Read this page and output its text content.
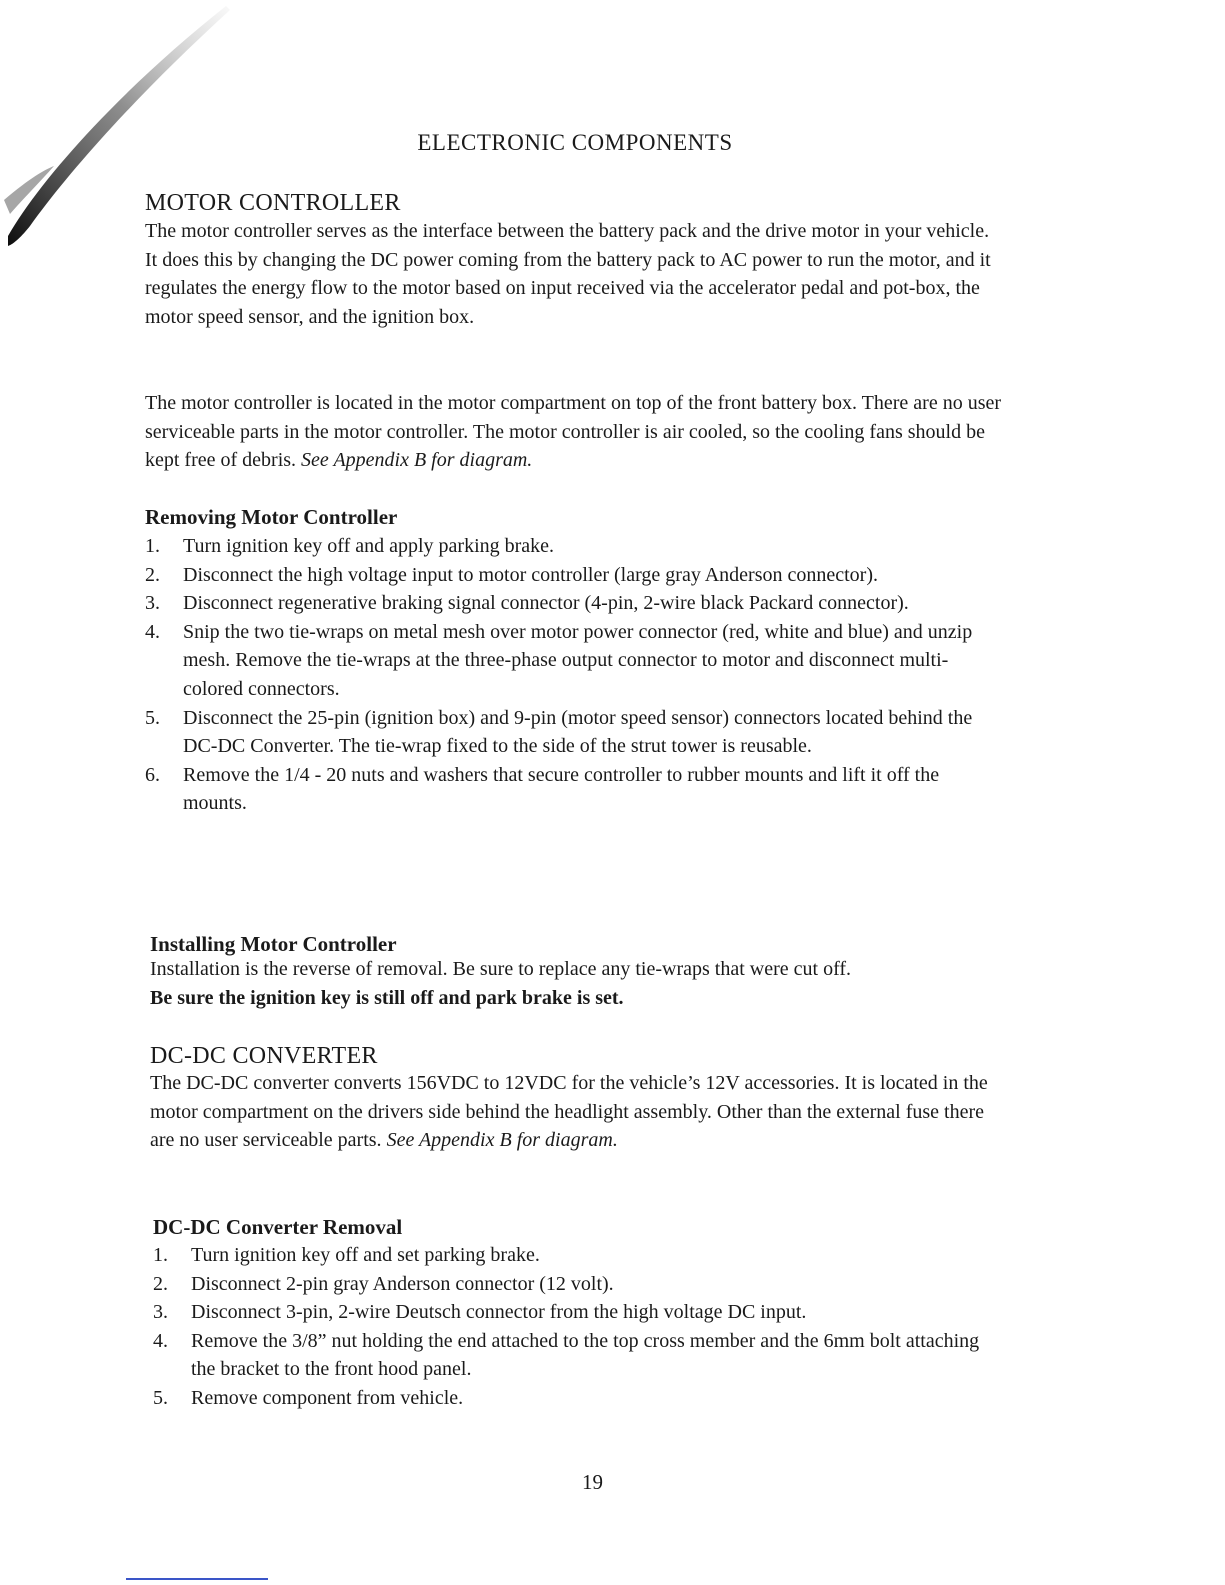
ELECTRONIC COMPONENTS
MOTOR CONTROLLER

The motor controller serves as the interface between the battery pack and the drive motor in your vehicle. It does this by changing the DC power coming from the battery pack to AC power to run the motor, and it regulates the energy flow to the motor based on input received via the accelerator pedal and pot-box, the motor speed sensor, and the ignition box.

The motor controller is located in the motor compartment on top of the front battery box. There are no user serviceable parts in the motor controller. The motor controller is air cooled, so the cooling fans should be kept free of debris. See Appendix B for diagram.

Removing Motor Controller
1. Turn ignition key off and apply parking brake.
2. Disconnect the high voltage input to motor controller (large gray Anderson connector).
3. Disconnect regenerative braking signal connector (4-pin, 2-wire black Packard connector).
4. Snip the two tie-wraps on metal mesh over motor power connector (red, white and blue) and unzip mesh. Remove the tie-wraps at the three-phase output connector to motor and disconnect multi-colored connectors.
5. Disconnect the 25-pin (ignition box) and 9-pin (motor speed sensor) connectors located behind the DC-DC Converter. The tie-wrap fixed to the side of the strut tower is reusable.
6. Remove the 1/4 - 20 nuts and washers that secure controller to rubber mounts and lift it off the mounts.
Installing Motor Controller

Installation is the reverse of removal. Be sure to replace any tie-wraps that were cut off.

Be sure the ignition key is still off and park brake is set.
DC-DC CONVERTER

The DC-DC converter converts 156VDC to 12VDC for the vehicle’s 12V accessories. It is located in the motor compartment on the drivers side behind the headlight assembly. Other than the external fuse there are no user serviceable parts. See Appendix B for diagram.

DC-DC Converter Removal
1. Turn ignition key off and set parking brake.
2. Disconnect 2-pin gray Anderson connector (12 volt).
3. Disconnect 3-pin, 2-wire Deutsch connector from the high voltage DC input.
4. Remove the 3/8” nut holding the end attached to the top cross member and the 6mm bolt attaching the bracket to the front hood panel.
5. Remove component from vehicle.
19
